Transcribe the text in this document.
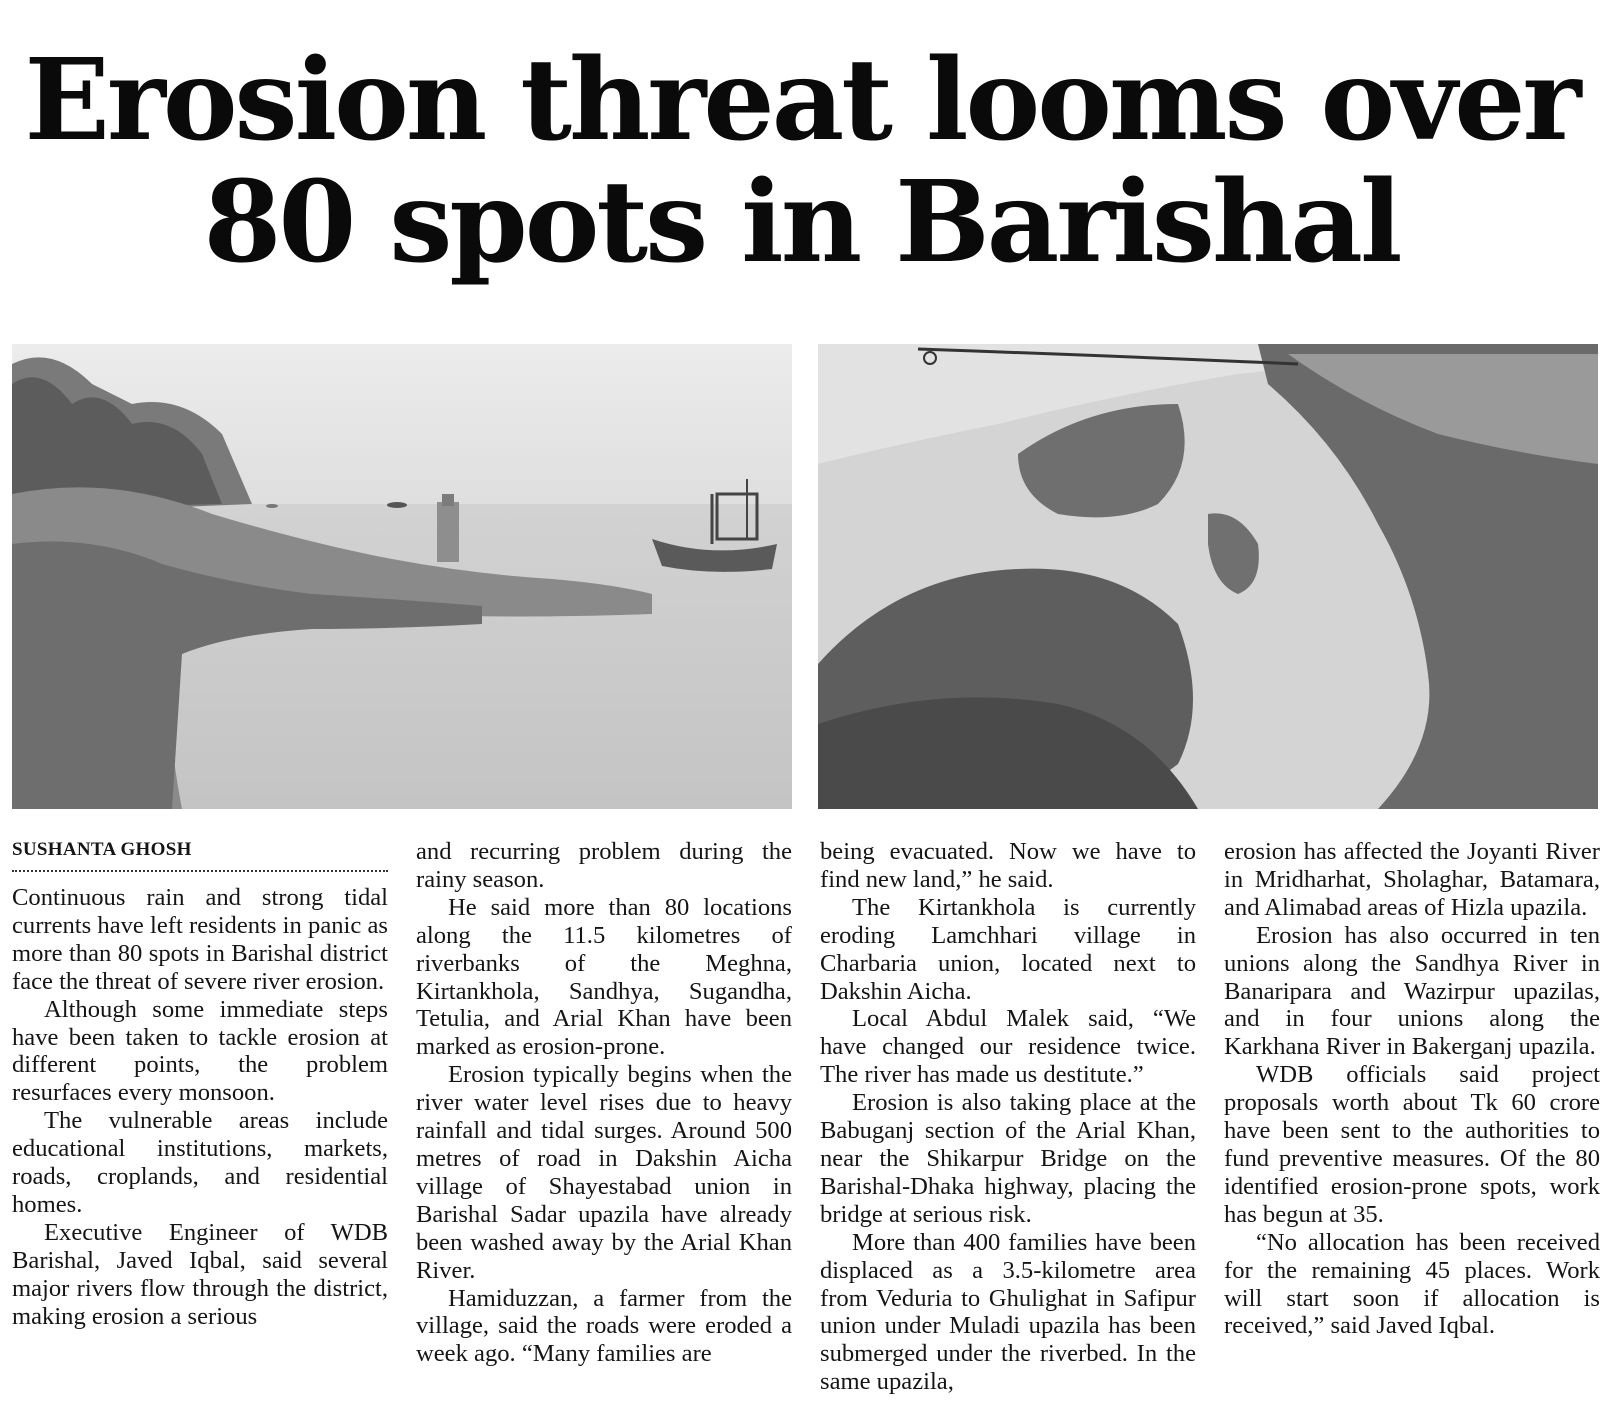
Erosion threat looms over
80 spots in Barishal
SUSHANTA GHOSH

Continuous rain and strong tidal currents have left residents in panic as more than 80 spots in Barishal district face the threat of severe river erosion.

Although some immediate steps have been taken to tackle erosion at different points, the problem resurfaces every monsoon.

The vulnerable areas include educational institutions, markets, roads, croplands, and residential homes.

Executive Engineer of WDB Barishal, Javed Iqbal, said several major rivers flow through the district, making erosion a serious

and recurring problem during the rainy season.

He said more than 80 locations along the 11.5 kilometres of riverbanks of the Meghna, Kirtankhola, Sandhya, Sugandha, Tetulia, and Arial Khan have been marked as erosion-prone.

Erosion typically begins when the river water level rises due to heavy rainfall and tidal surges. Around 500 metres of road in Dakshin Aicha village of Shayestabad union in Barishal Sadar upazila have already been washed away by the Arial Khan River.

Hamiduzzan, a farmer from the village, said the roads were eroded a week ago. “Many families are

being evacuated. Now we have to find new land,” he said.

The Kirtankhola is currently eroding Lamchhari village in Charbaria union, located next to Dakshin Aicha.

Local Abdul Malek said, “We have changed our residence twice. The river has made us destitute.”

Erosion is also taking place at the Babuganj section of the Arial Khan, near the Shikarpur Bridge on the Barishal-Dhaka highway, placing the bridge at serious risk.

More than 400 families have been displaced as a 3.5-kilometre area from Veduria to Ghulighat in Safipur union under Muladi upazila has been submerged under the riverbed. In the same upazila,

erosion has affected the Joyanti River in Mridharhat, Sholaghar, Batamara, and Alimabad areas of Hizla upazila.

Erosion has also occurred in ten unions along the Sandhya River in Banaripara and Wazirpur upazilas, and in four unions along the Karkhana River in Bakerganj upazila.

WDB officials said project proposals worth about Tk 60 crore have been sent to the authorities to fund preventive measures. Of the 80 identified erosion-prone spots, work has begun at 35.

“No allocation has been received for the remaining 45 places. Work will start soon if allocation is received,” said Javed Iqbal.
